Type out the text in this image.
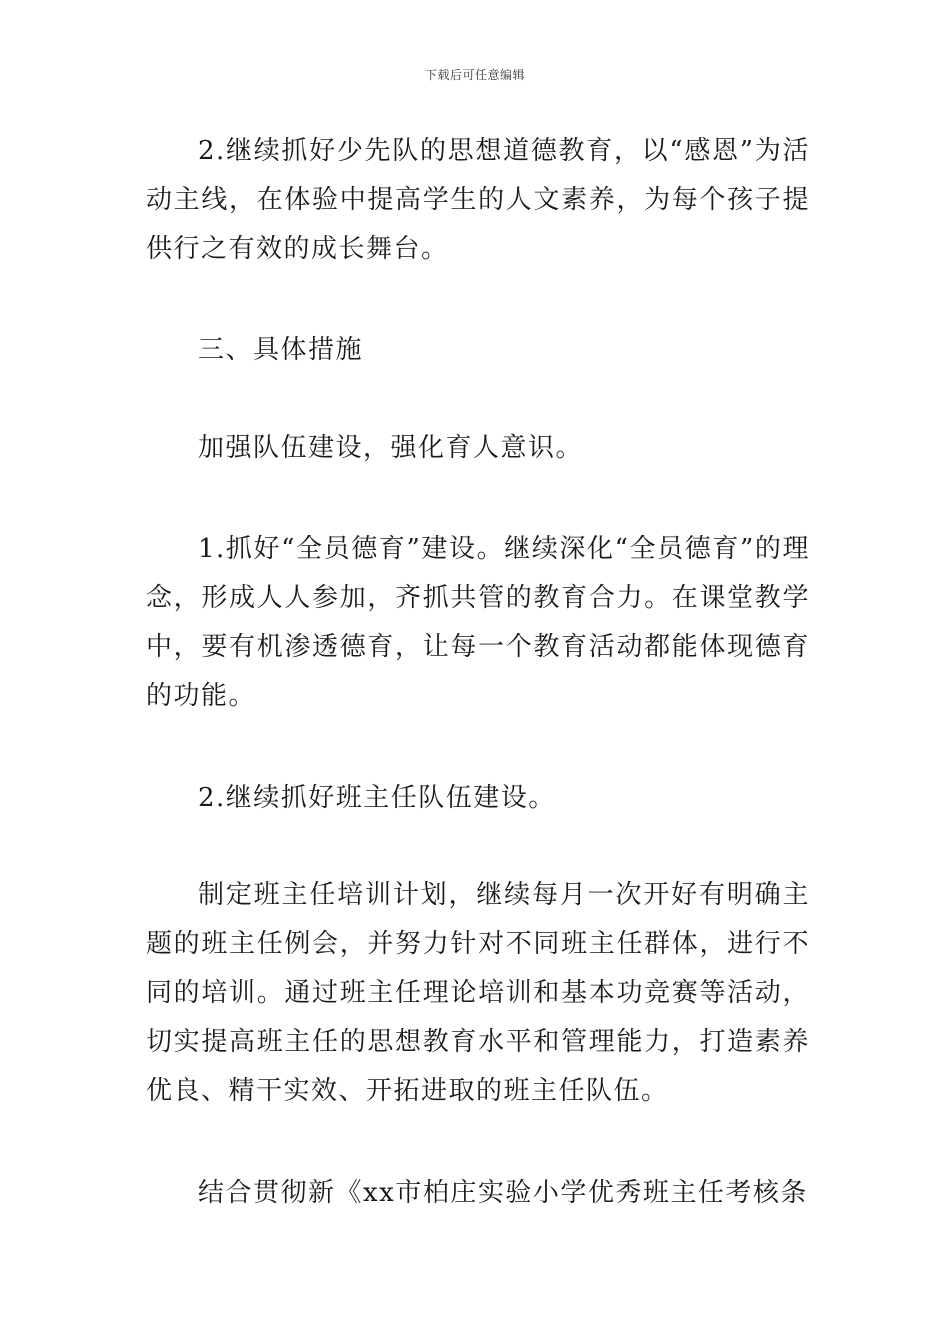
下载后可任意编辑

2.继续抓好少先队的思想道德教育，以“感恩”为活动主线，在体验中提高学生的人文素养，为每个孩子提供行之有效的成长舞台。

三、具体措施

加强队伍建设，强化育人意识。

1.抓好“全员德育”建设。继续深化“全员德育”的理念，形成人人参加，齐抓共管的教育合力。在课堂教学中，要有机渗透德育，让每一个教育活动都能体现德育的功能。

2.继续抓好班主任队伍建设。

制定班主任培训计划，继续每月一次开好有明确主题的班主任例会，并努力针对不同班主任群体，进行不同的培训。通过班主任理论培训和基本功竞赛等活动，切实提高班主任的思想教育水平和管理能力，打造素养优良、精干实效、开拓进取的班主任队伍。

结合贯彻新《xx市柏庄实验小学优秀班主任考核条
